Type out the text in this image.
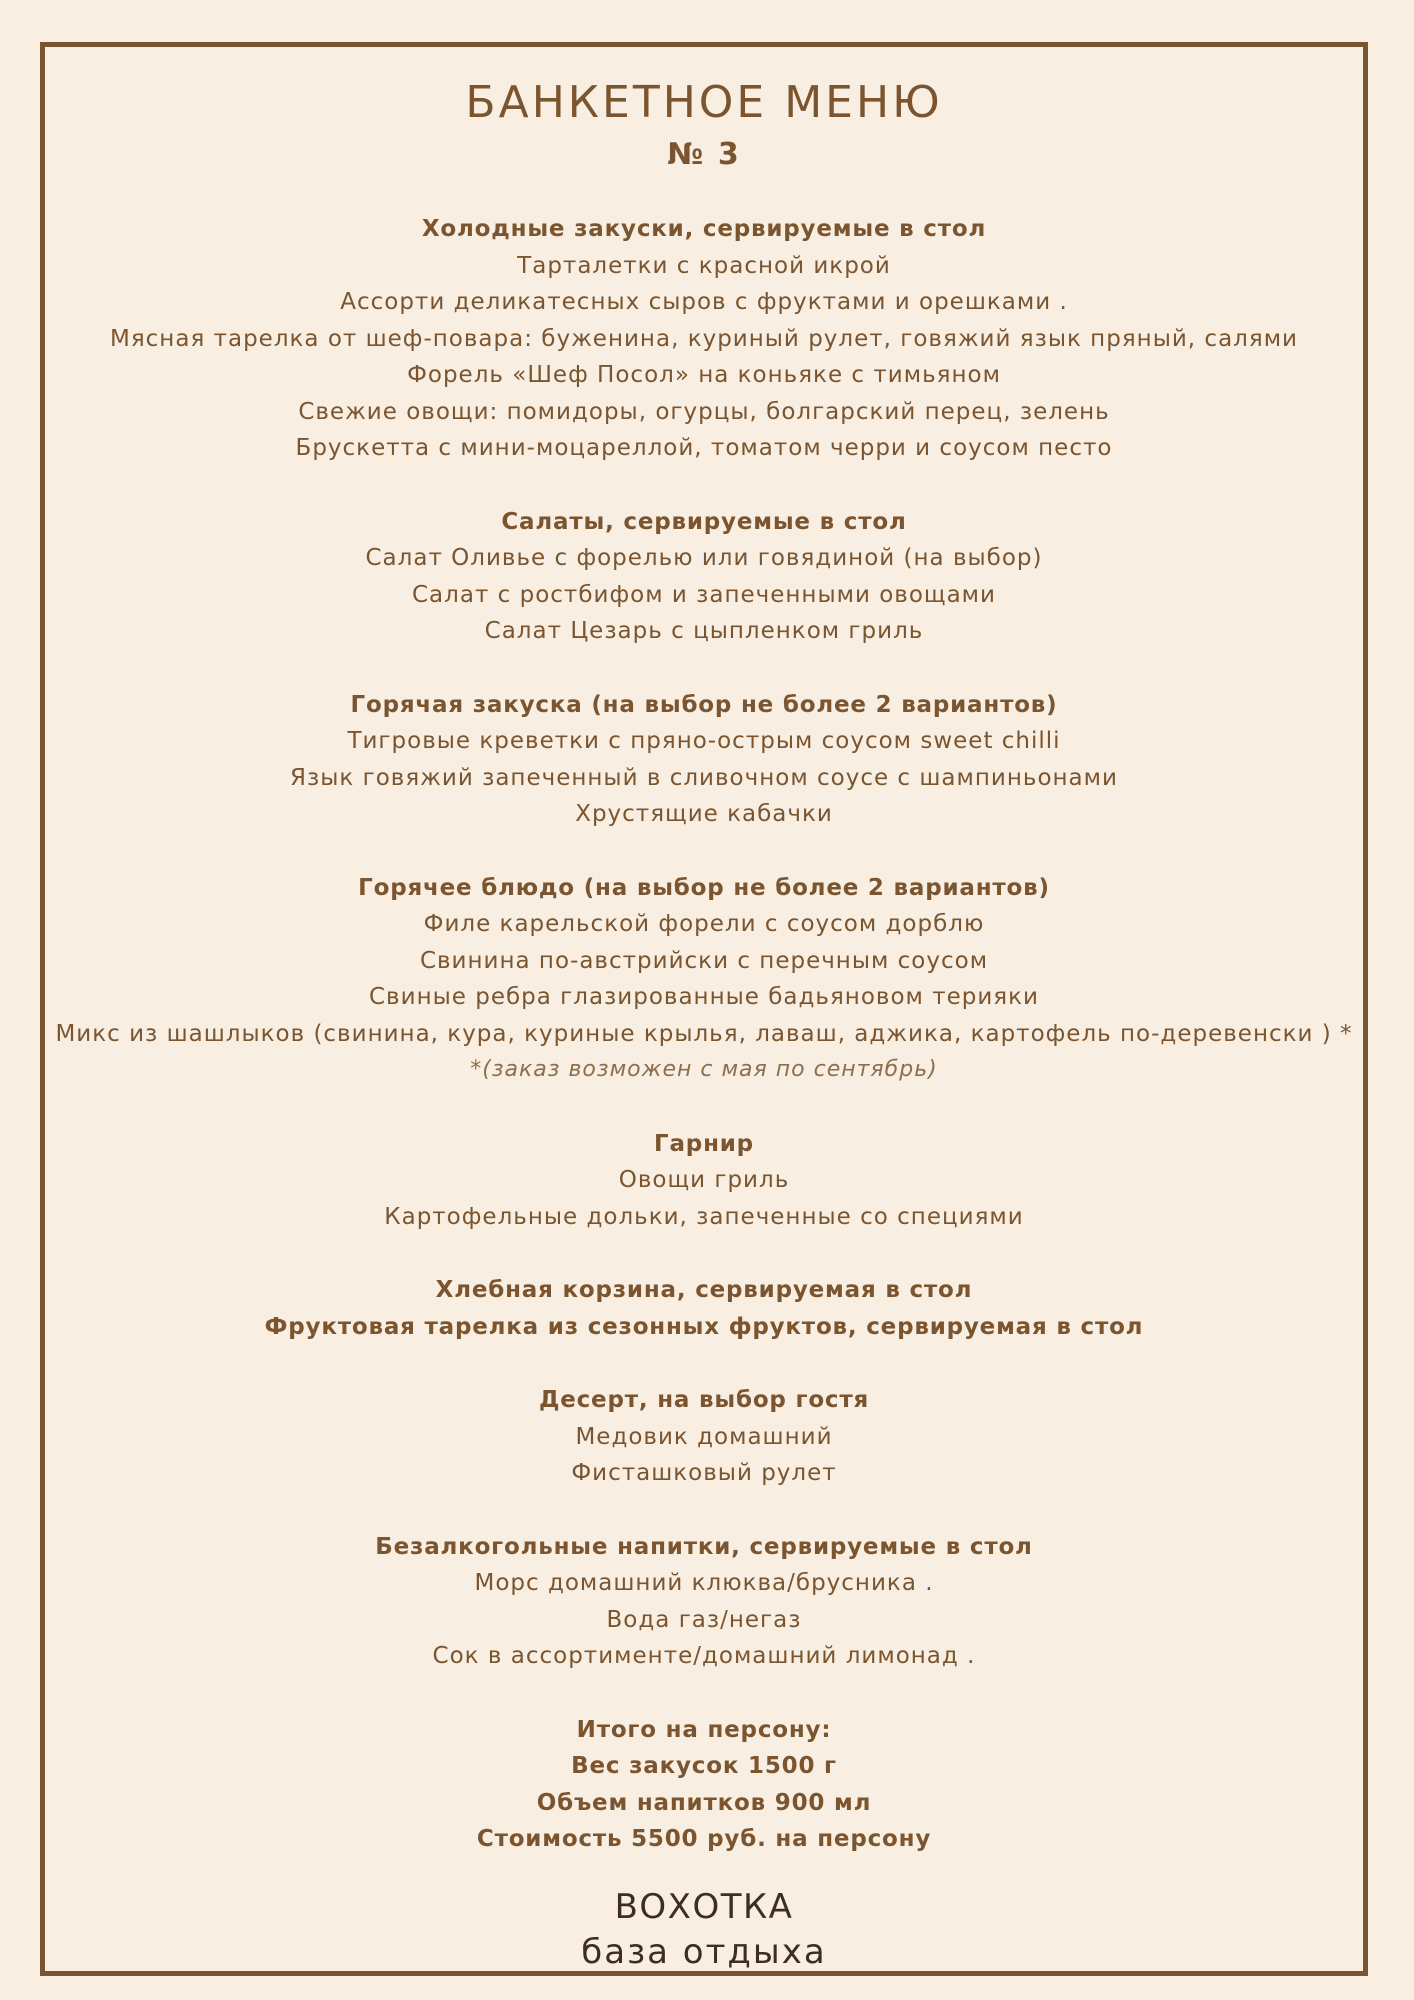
БАНКЕТНОЕ МЕНЮ
№ 3
Холодные закуски, сервируемые в стол
Тарталетки с красной икрой
Ассорти деликатесных сыров с фруктами и орешками .
Мясная тарелка от шеф-повара: буженина, куриный рулет, говяжий язык пряный, салями
Форель «Шеф Посол» на коньяке с тимьяном
Свежие овощи: помидоры, огурцы, болгарский перец, зелень
Брускетта с мини-моцареллой, томатом черри и соусом песто
Салаты, сервируемые в стол
Салат Оливье с форелью или говядиной (на выбор)
Салат с ростбифом и запеченными овощами
Салат Цезарь с цыпленком гриль
Горячая закуска (на выбор не более 2 вариантов)
Тигровые креветки с пряно-острым соусом sweet chilli
Язык говяжий запеченный в сливочном соусе с шампиньонами
Хрустящие кабачки
Горячее блюдо (на выбор не более 2 вариантов)
Филе карельской форели с соусом дорблю
Свинина по-австрийски с перечным соусом
Свиные ребра глазированные бадьяновом терияки
Микс из шашлыков (свинина, кура, куриные крылья, лаваш, аджика, картофель по-деревенски ) *
*(заказ возможен с мая по сентябрь)
Гарнир
Овощи гриль
Картофельные дольки, запеченные со специями
Хлебная корзина, сервируемая в стол
Фруктовая тарелка из сезонных фруктов, сервируемая в стол
Десерт, на выбор гостя
Медовик домашний
Фисташковый рулет
Безалкогольные напитки, сервируемые в стол
Морс домашний клюква/брусника .
Вода газ/негаз
Сок в ассортименте/домашний лимонад .
Итого на персону:
Вес закусок 1500 г
Объем напитков 900 мл
Стоимость 5500 руб. на персону
ВОХОТКА
база отдыха
